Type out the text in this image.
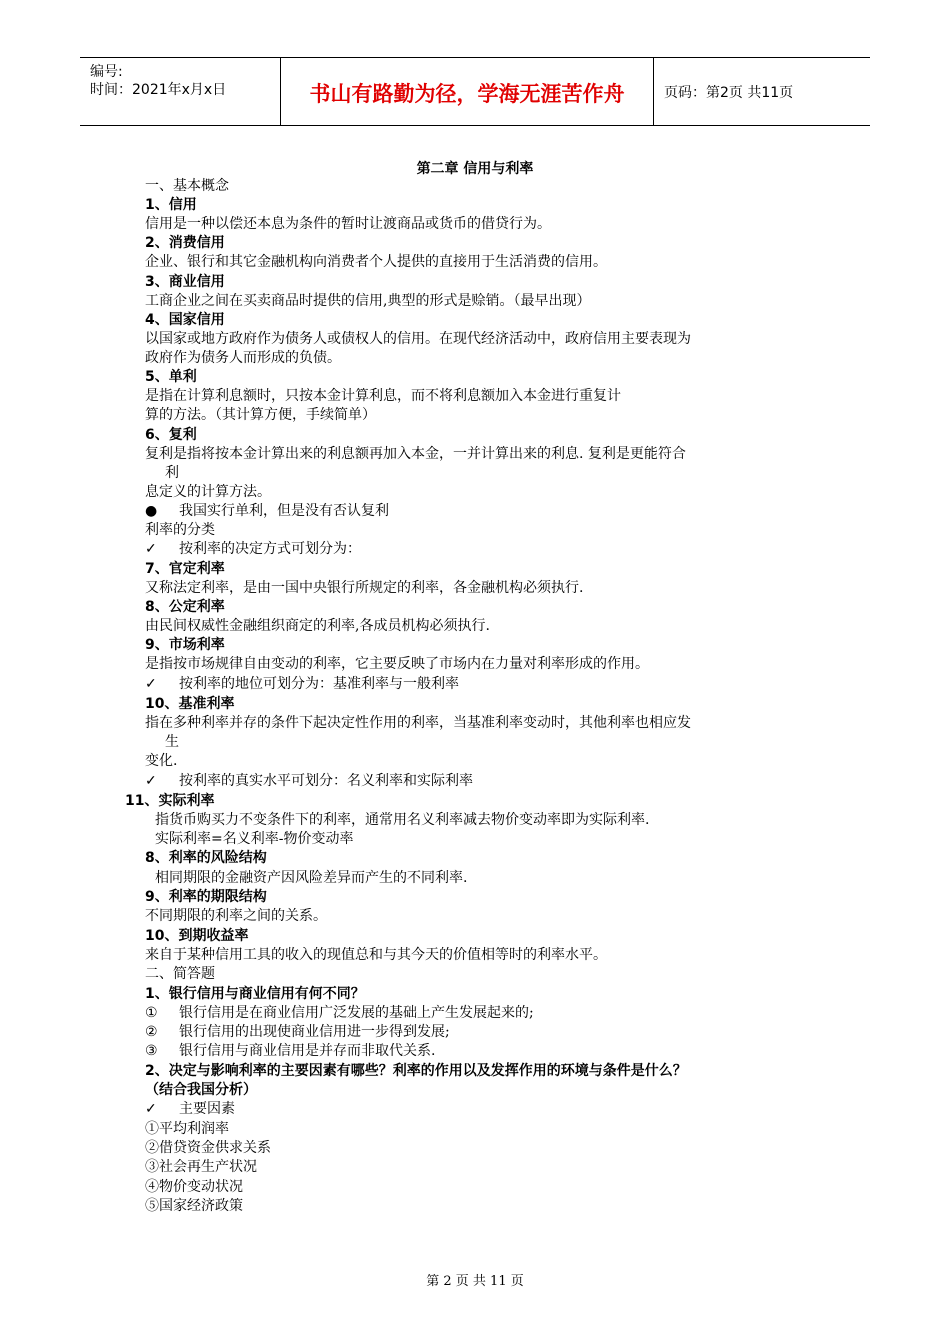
编号:
时间：2021年x月x日	书山有路勤为径，学海无涯苦作舟	页码：第2页 共11页
第二章 信用与利率
一、基本概念
1、信用
信用是一种以偿还本息为条件的暂时让渡商品或货币的借贷行为。
2、消费信用
企业、银行和其它金融机构向消费者个人提供的直接用于生活消费的信用。
3、商业信用
工商企业之间在买卖商品时提供的信用,典型的形式是赊销。（最早出现）
4、国家信用
以国家或地方政府作为债务人或债权人的信用。在现代经济活动中，政府信用主要表现为
政府作为债务人而形成的负债。
5、单利
是指在计算利息额时，只按本金计算利息，而不将利息额加入本金进行重复计
算的方法。（其计算方便，手续简单）
6、复利
复利是指将按本金计算出来的利息额再加入本金，一并计算出来的利息. 复利是更能符合
利
息定义的计算方法。
● 我国实行单利，但是没有否认复利
利率的分类
✓ 按利率的决定方式可划分为：
7、官定利率
又称法定利率，是由一国中央银行所规定的利率，各金融机构必须执行.
8、公定利率
由民间权威性金融组织商定的利率,各成员机构必须执行.
9、市场利率
是指按市场规律自由变动的利率，它主要反映了市场内在力量对利率形成的作用。
✓ 按利率的地位可划分为：基准利率与一般利率
10、基准利率
指在多种利率并存的条件下起决定性作用的利率，当基准利率变动时，其他利率也相应发
生
变化.
✓ 按利率的真实水平可划分：名义利率和实际利率
11、实际利率
指货币购买力不变条件下的利率，通常用名义利率减去物价变动率即为实际利率.
实际利率=名义利率-物价变动率
8、利率的风险结构
相同期限的金融资产因风险差异而产生的不同利率.
9、利率的期限结构
不同期限的利率之间的关系。
10、到期收益率
来自于某种信用工具的收入的现值总和与其今天的价值相等时的利率水平。
二、简答题
1、银行信用与商业信用有何不同？
① 银行信用是在商业信用广泛发展的基础上产生发展起来的;
② 银行信用的出现使商业信用进一步得到发展;
③ 银行信用与商业信用是并存而非取代关系.
2、决定与影响利率的主要因素有哪些？利率的作用以及发挥作用的环境与条件是什么？
（结合我国分析）
✓ 主要因素
①平均利润率
②借贷资金供求关系
③社会再生产状况
④物价变动状况
⑤国家经济政策
第 2 页 共 11 页
